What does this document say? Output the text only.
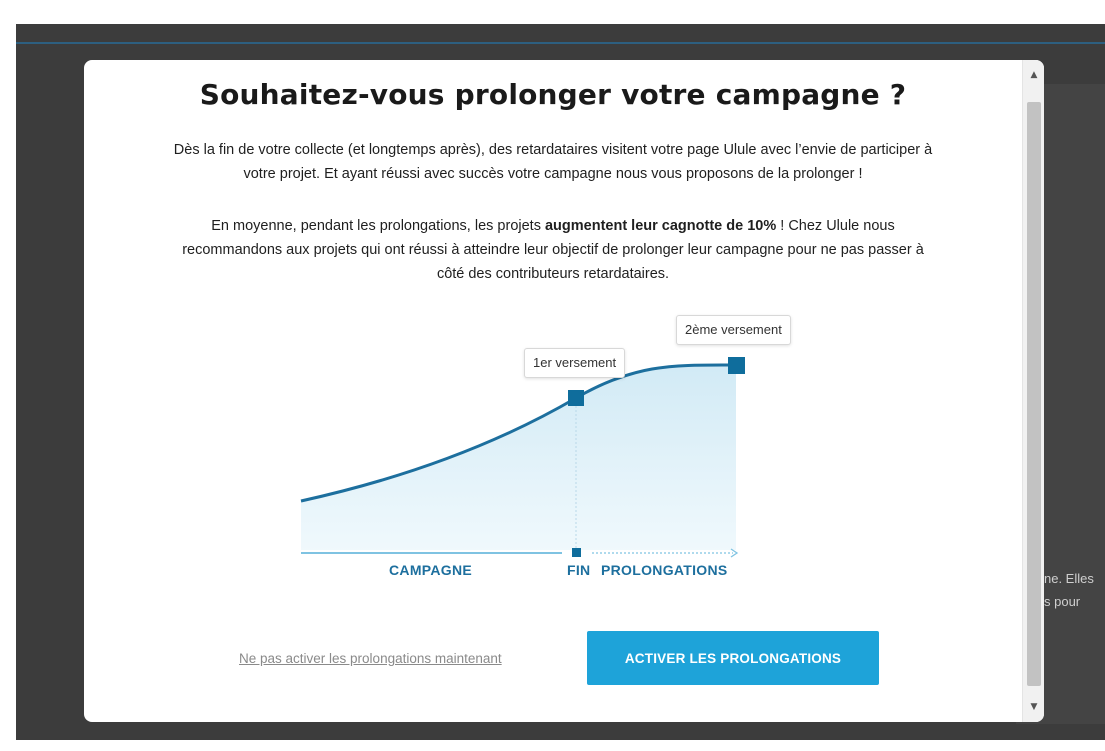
ne. Elles
s pour
Souhaitez-vous prolonger votre campagne ?

Dès la fin de votre collecte (et longtemps après), des retardataires visitent votre page Ulule avec l’envie de participer à votre projet. Et ayant réussi avec succès votre campagne nous vous proposons de la prolonger !

En moyenne, pendant les prolongations, les projets augmentent leur cagnotte de 10% ! Chez Ulule nous recommandons aux projets qui ont réussi à atteindre leur objectif de prolonger leur campagne pour ne pas passer à côté des contributeurs retardataires.

1er versement
2ème versement
CAMPAGNE	FIN PROLONGATIONS
Ne pas activer les prolongations maintenant	ACTIVER LES PROLONGATIONS
▲
▼
